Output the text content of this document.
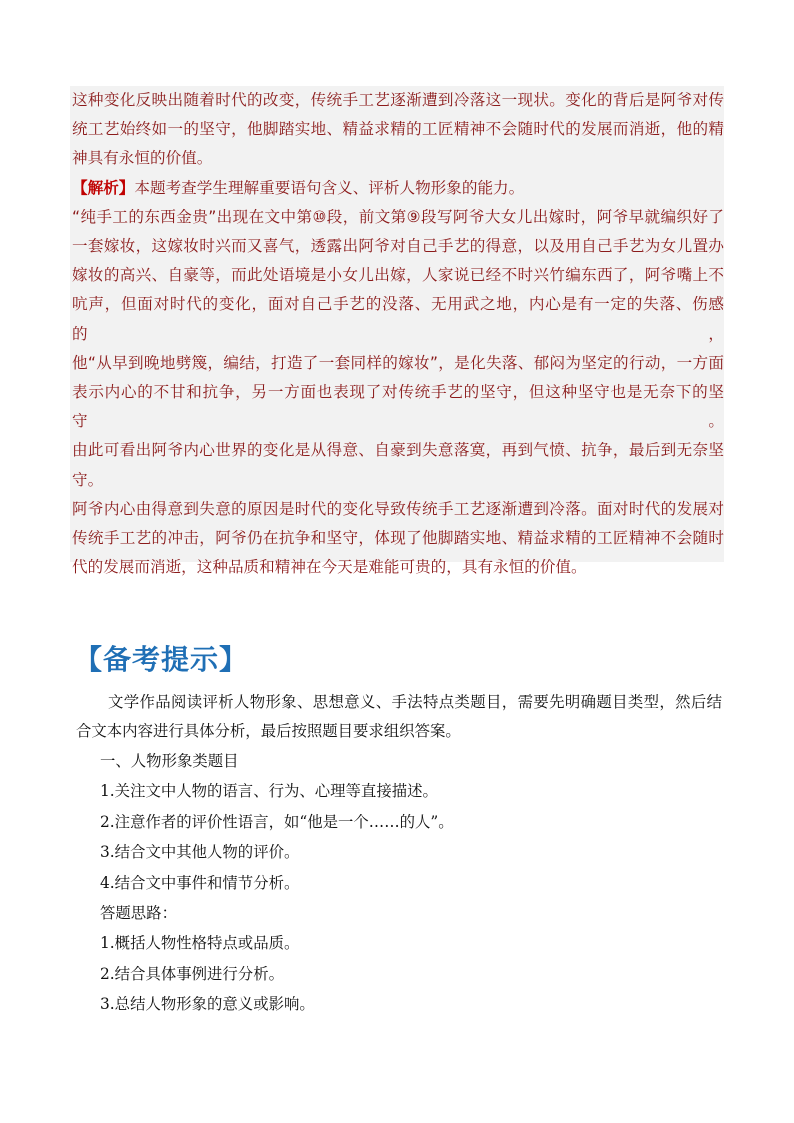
这种变化反映出随着时代的改变，传统手工艺逐渐遭到冷落这一现状。变化的背后是阿爷对传

统工艺始终如一的坚守，他脚踏实地、精益求精的工匠精神不会随时代的发展而消逝，他的精

神具有永恒的价值。

【解析】本题考查学生理解重要语句含义、评析人物形象的能力。

“纯手工的东西金贵”出现在文中第⑩段，前文第⑨段写阿爷大女儿出嫁时，阿爷早就编织好了

一套嫁妆，这嫁妆时兴而又喜气，透露出阿爷对自己手艺的得意，以及用自己手艺为女儿置办

嫁妆的高兴、自豪等，而此处语境是小女儿出嫁，人家说已经不时兴竹编东西了，阿爷嘴上不

吭声，但面对时代的变化，面对自己手艺的没落、无用武之地，内心是有一定的失落、伤感的，

他“从早到晚地劈篾，编结，打造了一套同样的嫁妆”，是化失落、郁闷为坚定的行动，一方面

表示内心的不甘和抗争，另一方面也表现了对传统手艺的坚守，但这种坚守也是无奈下的坚守。

由此可看出阿爷内心世界的变化是从得意、自豪到失意落寞，再到气愤、抗争，最后到无奈坚

守。

阿爷内心由得意到失意的原因是时代的变化导致传统手工艺逐渐遭到冷落。面对时代的发展对

传统手工艺的冲击，阿爷仍在抗争和坚守，体现了他脚踏实地、精益求精的工匠精神不会随时

代的发展而消逝，这种品质和精神在今天是难能可贵的，具有永恒的价值。

【备考提示】

文学作品阅读评析人物形象、思想意义、手法特点类题目，需要先明确题目类型，然后结

合文本内容进行具体分析，最后按照题目要求组织答案。

一、人物形象类题目

1.关注文中人物的语言、行为、心理等直接描述。

2.注意作者的评价性语言，如“他是一个……的人”。

3.结合文中其他人物的评价。

4.结合文中事件和情节分析。

答题思路：

1.概括人物性格特点或品质。

2.结合具体事例进行分析。

3.总结人物形象的意义或影响。
